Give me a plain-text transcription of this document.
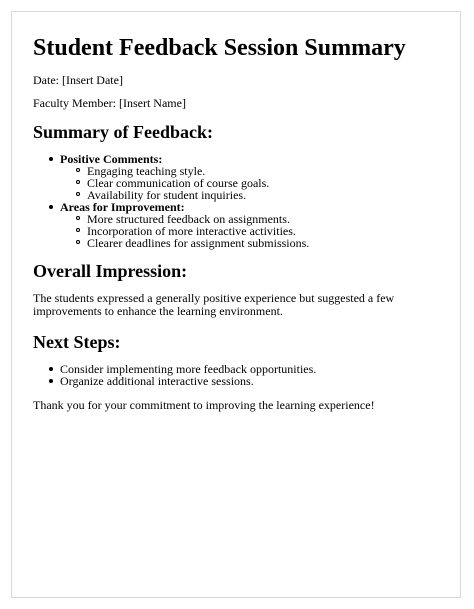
Student Feedback Session Summary

Date: [Insert Date]

Faculty Member: [Insert Name]

Summary of Feedback:
Positive Comments:
Engaging teaching style.
Clear communication of course goals.
Availability for student inquiries.
Areas for Improvement:
More structured feedback on assignments.
Incorporation of more interactive activities.
Clearer deadlines for assignment submissions.
Overall Impression:

The students expressed a generally positive experience but suggested a few improvements to enhance the learning environment.

Next Steps:
Consider implementing more feedback opportunities.
Organize additional interactive sessions.

Thank you for your commitment to improving the learning experience!
